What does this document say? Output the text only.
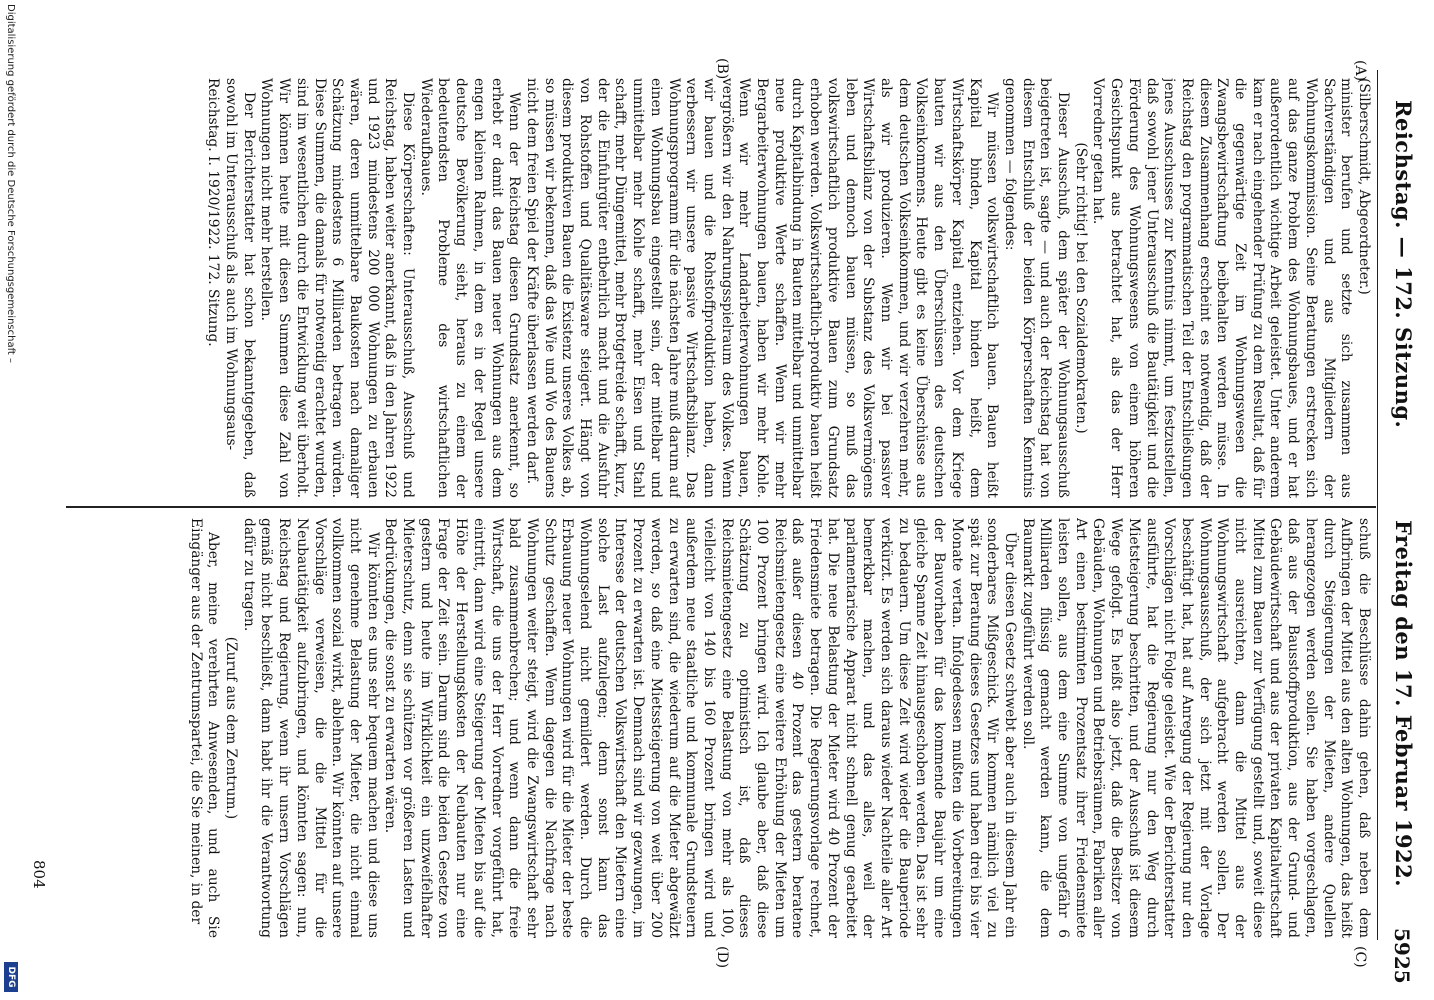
Reichstag. — 172. Sitzung.
Freitag den 17. Februar 1922.
5925
(A)
(B)
(C)
(D)

(Silberschmidt, Abgeordneter.)

minister berufen und setzte sich zusammen aus Sachverständigen und aus Mitgliedern der Wohnungskommission. Seine Beratungen erstrecken sich auf das ganze Problem des Wohnungsbaues, und er hat außerordentlich wichtige Arbeit geleistet. Unter anderem kam er nach eingehender Prüfung zu dem Resultat, daß für die gegenwärtige Zeit im Wohnungswesen die Zwangsbewirtschaftung beibehalten werden müsse. In diesem Zusammenhang erscheint es notwendig, daß der Reichstag den programmatischen Teil der Entschließungen jenes Ausschusses zur Kenntnis nimmt, um festzustellen, daß sowohl jener Unterausschuß die Bautätigkeit und die Förderung des Wohnungswesens von einem höheren Gesichtspunkt aus betrachtet hat, als das der Herr Vorredner getan hat.

(Sehr richtig! bei den Sozialdemokraten.)

Dieser Ausschuß, dem später der Wohnungsausschuß beigetreten ist, sagte — und auch der Reichstag hat von diesem Entschluß der beiden Körperschaften Kenntnis genommen — folgendes:

Wir müssen volkswirtschaftlich bauen. Bauen heißt Kapital binden, Kapital binden heißt, dem Wirtschaftskörper Kapital entziehen. Vor dem Kriege bauten wir aus den Überschüssen des deutschen Volkseinkommens. Heute gibt es keine Überschüsse aus dem deutschen Volkseinkommen, und wir verzehren mehr, als wir produzieren. Wenn wir bei passiver Wirtschaftsbilanz von der Substanz des Volksvermögens leben und dennoch bauen müssen, so muß das volkswirtschaftlich produktive Bauen zum Grundsatz erhoben werden. Volkswirtschaftlich-produktiv bauen heißt durch Kapitalbindung in Bauten mittelbar und unmittelbar neue produktive Werte schaffen. Wenn wir mehr Bergarbeiterwohnungen bauen, haben wir mehr Kohle. Wenn wir mehr Landarbeiterwohnungen bauen, vergrößern wir den Nahrungsspielraum des Volkes. Wenn wir bauen und die Rohstoffproduktion haben, dann verbessern wir unsere passive Wirtschaftsbilanz. Das Wohnungsprogramm für die nächsten Jahre muß darum auf einen Wohnungsbau eingestellt sein, der mittelbar und unmittelbar mehr Kohle schafft, mehr Eisen und Stahl schafft, mehr Düngemittel, mehr Brotgetreide schafft, kurz, der die Einfuhrgüter entbehrlich macht und die Ausfuhr von Rohstoffen und Qualitätsware steigert. Hängt von diesem produktiven Bauen die Existenz unseres Volkes ab, so müssen wir bekennen, daß das Wie und Wo des Bauens nicht dem freien Spiel der Kräfte überlassen werden darf.

Wenn der Reichstag diesen Grundsatz anerkennt, so erhebt er damit das Bauen neuer Wohnungen aus dem engen kleinen Rahmen, in dem es in der Regel unsere deutsche Bevölkerung sieht, heraus zu einem der bedeutendsten Probleme des wirtschaftlichen Wiederaufbaues.

Diese Körperschaften: Unterausschuß, Ausschuß und Reichstag, haben weiter anerkannt, daß in den Jahren 1922 und 1923 mindestens 200 000 Wohnungen zu erbauen wären, deren unmittelbare Baukosten nach damaliger Schätzung mindestens 6 Milliarden betragen würden. Diese Summen, die damals für notwendig erachtet wurden, sind im wesentlichen durch die Entwicklung weit überholt. Wir können heute mit diesen Summen diese Zahl von Wohnungen nicht mehr herstellen.

Der Berichterstatter hat schon bekanntgegeben, daß sowohl im Unterausschuß als auch im Wohnungsaus-

Reichstag. I. 1920/1922. 172. Sitzung.

schuß die Beschlüsse dahin gehen, daß neben dem Aufbringen der Mittel aus den alten Wohnungen, das heißt durch Steigerungen der Mieten, andere Quellen herangezogen werden sollen. Sie haben vorgeschlagen, daß aus der Bausstoffproduktion, aus der Grund- und Gebäudewirtschaft und aus der privaten Kapitalwirtschaft Mittel zum Bauen zur Verfügung gestellt und, soweit diese nicht ausreichten, dann die Mittel aus der Wohnungswirtschaft aufgebracht werden sollen. Der Wohnungsausschuß, der sich jetzt mit der Vorlage beschäftigt hat, hat auf Anregung der Regierung nur den Vorschlägen nicht Folge geleistet. Wie der Berichterstatter ausführte, hat die Regierung nur den Weg durch Mietsteigerung beschritten, und der Ausschuß ist diesem Wege gefolgt. Es heißt also jetzt, daß die Besitzer von Gebäuden, Wohnungen und Betriebsräumen, Fabriken aller Art einen bestimmten Prozentsatz ihrer Friedensmiete leisten sollen, aus dem eine Summe von ungefähr 6 Milliarden flüssig gemacht werden kann, die dem Baumarkt zugeführt werden soll.

Über diesen Gesetz schwebt aber auch in diesem Jahr ein sonderbares Mißgeschick. Wir kommen nämlich viel zu spät zur Beratung dieses Gesetzes und haben drei bis vier Monate vertan. Infolgedessen mußten die Vorbereitungen der Bauvorhaben für das kommende Baujahr um eine gleiche Spanne Zeit hinausgeschoben werden. Das ist sehr zu bedauern. Um diese Zeit wird wieder die Bauperiode verkürzt. Es werden sich daraus wieder Nachteile aller Art bemerkbar machen, und das alles, weil der parlamentarische Apparat nicht schnell genug gearbeitet hat. Die neue Belastung der Mieter wird 40 Prozent der Friedensmiete betragen. Die Regierungsvorlage rechnet, daß außer diesen 40 Prozent das gestern beratene Reichsmietengesetz eine weitere Erhöhung der Mieten um 100 Prozent bringen wird. Ich glaube aber, daß diese Schätzung zu optimistisch ist, daß dieses Reichsmietengesetz eine Belastung von mehr als 100, vielleicht von 140 bis 160 Prozent bringen wird und außerdem neue staatliche und kommunale Grundsteuern zu erwarten sind, die wiederum auf die Mieter abgewälzt werden, so daß eine Mietssteigerung von weit über 200 Prozent zu erwarten ist. Demnach sind wir gezwungen, im Interesse der deutschen Volkswirtschaft den Mietern eine solche Last aufzulegen; denn sonst kann das Wohnungselend nicht gemildert werden. Durch die Erbauung neuer Wohnungen wird für die Mieter der beste Schutz geschaffen. Wenn dagegen die Nachfrage nach Wohnungen weiter steigt, wird die Zwangswirtschaft sehr bald zusammenbrechen; und wenn dann die freie Wirtschaft, die uns der Herr Vorredner vorgeführt hat, eintritt, dann wird eine Steigerung der Mieten bis auf die Höhe der Herstellungskosten der Neubauten nur eine Frage der Zeit sein. Darum sind die beiden Gesetze von gestern und heute im Wirklichkeit ein unzweifelhafter Mieterschutz, denn sie schützen vor größeren Lasten und Bedrückungen, die sonst zu erwarten wären.

Wir könnten es uns sehr bequem machen und diese uns nicht genehme Belastung der Mieter, die nicht einmal vollkommen sozial wirkt, ablehnen. Wir könnten auf unsere Vorschläge verweisen, die die Mittel für die Neubautätigkeit aufzubringen, und könnten sagen: nun, Reichstag und Regierung, wenn ihr unsern Vorschlägen gemäß nicht beschließt, dann habt ihr die Verantwortung dafür zu tragen.

(Zuruf aus dem Zentrum.)

Aber, meine verehrten Anwesenden, und auch Sie Eingänger aus der Zentrumspartei, die Sie meinen, in der

804
Digitalisierung gefördert durch die Deutsche Forschungsgemeinschaft –
DFG
